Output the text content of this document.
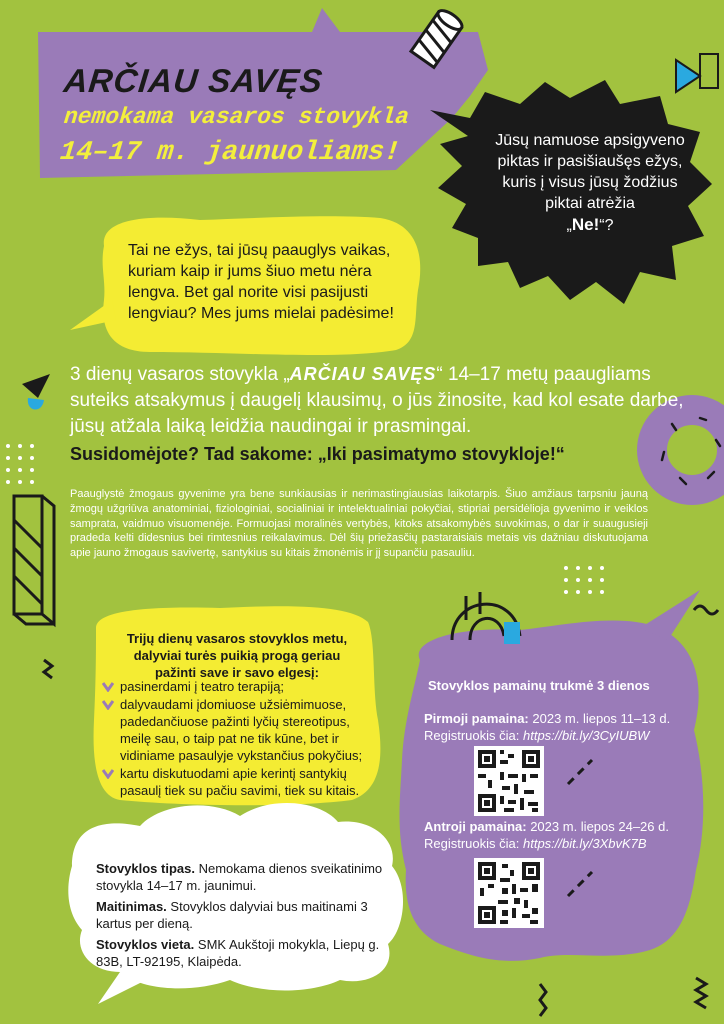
ARČIAU SAVĘS
nemokama vasaros stovykla
14–17 m. jaunuoliams!	Jūsų namuose apsigyveno piktas ir pasišiaušęs ežys, kuris į visus jūsų žodžius piktai atrėžia
„Ne!“?
Tai ne ežys, tai jūsų paauglys vaikas, kuriam kaip ir jums šiuo metu nėra lengva. Bet gal norite visi pasijusti lengviau? Mes jums mielai padėsime!
3 dienų vasaros stovykla „ARČIAU SAVĘS“ 14–17 metų paaugliams suteiks atsakymus į daugelį klausimų, o jūs žinosite, kad kol esate darbe, jūsų atžala laiką leidžia naudingai ir prasmingai.
Susidomėjote? Tad sakome: „Iki pasimatymo stovykloje!“
Paauglystė žmogaus gyvenime yra bene sunkiausias ir nerimastingiausias laikotarpis. Šiuo amžiaus tarpsniu jauną žmogų užgriūva anatominiai, fiziologiniai, socialiniai ir intelektualiniai pokyčiai, stipriai persidėlioja gyvenimo ir veiklos samprata, vaidmuo visuomenėje. Formuojasi moralinės vertybės, kitoks atsakomybės suvokimas, o dar ir suaugusieji pradeda kelti didesnius bei rimtesnius reikalavimus. Dėl šių priežasčių pastaraisiais metais vis dažniau diskutuojama apie jauno žmogaus savivertę, santykius su kitais žmonėmis ir jį supančiu pasauliu.
Trijų dienų vasaros stovyklos metu, dalyviai turės puikią progą geriau pažinti save ir savo elgesį:
pasinerdami į teatro terapiją;
dalyvaudami įdomiuose užsiėmimuose, padedančiuose pažinti lyčių stereotipus, meilę sau, o taip pat ne tik kūne, bet ir vidiniame pasaulyje vykstančius pokyčius;
kartu diskutuodami apie kerintį santykių pasaulį tiek su pačiu savimi, tiek su kitais.
Stovyklos pamainų trukmė 3 dienos
Pirmoji pamaina: 2023 m. liepos 11–13 d.
Registruokis čia: https://bit.ly/3CyIUBW
Antroji pamaina: 2023 m. liepos 24–26 d.
Registruokis čia: https://bit.ly/3XbvK7B

Stovyklos tipas. Nemokama dienos sveikatinimo stovykla 14–17 m. jaunimui.

Maitinimas. Stovyklos dalyviai bus maitinami 3 kartus per dieną.

Stovyklos vieta. SMK Aukštoji mokykla, Liepų g. 83B, LT-92195, Klaipėda.
